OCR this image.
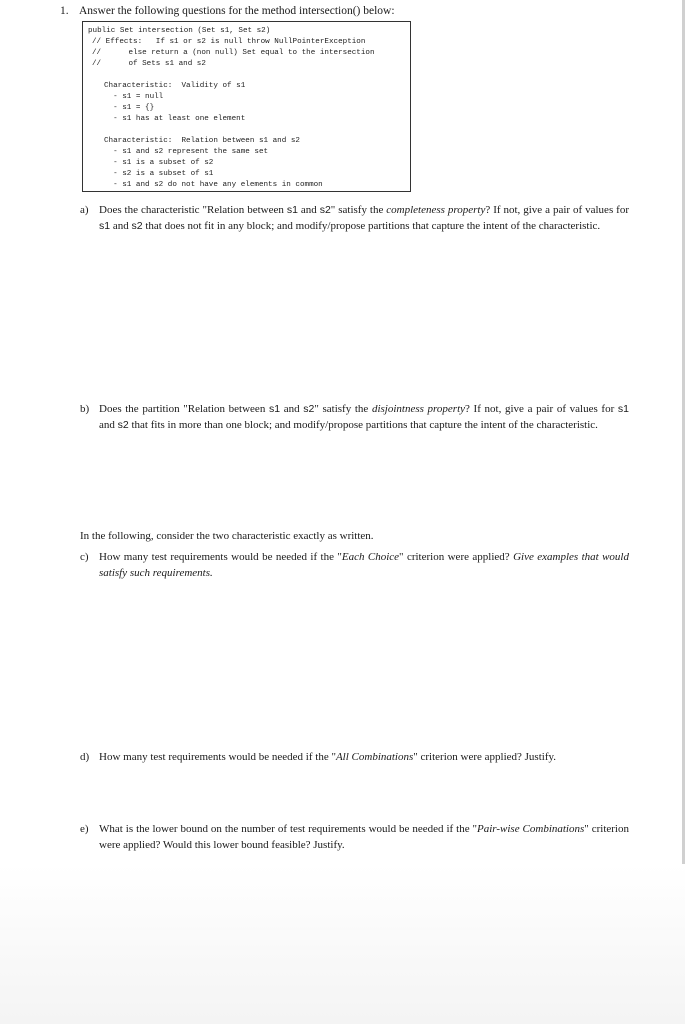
1. Answer the following questions for the method intersection() below:
public Set intersection (Set s1, Set s2)
// Effects:   If s1 or s2 is null throw NullPointerException
//      else return a (non null) Set equal to the intersection
//      of Sets s1 and s2
Characteristic:  Validity of s1
- s1 = null
- s1 = {}
- s1 has at least one element
Characteristic:  Relation between s1 and s2
- s1 and s2 represent the same set
- s1 is a subset of s2
- s2 is a subset of s1
- s1 and s2 do not have any elements in common
a) Does the characteristic "Relation between s1 and s2" satisfy the completeness property? If not, give a pair of values for s1 and s2 that does not fit in any block; and modify/propose partitions that capture the intent of the characteristic.
b) Does the partition "Relation between s1 and s2" satisfy the disjointness property? If not, give a pair of values for s1 and s2 that fits in more than one block; and modify/propose partitions that capture the intent of the characteristic.
In the following, consider the two characteristic exactly as written.
c) How many test requirements would be needed if the "Each Choice" criterion were applied? Give examples that would satisfy such requirements.
d) How many test requirements would be needed if the "All Combinations" criterion were applied? Justify.
e) What is the lower bound on the number of test requirements would be needed if the "Pair-wise Combinations" criterion were applied? Would this lower bound feasible? Justify.
